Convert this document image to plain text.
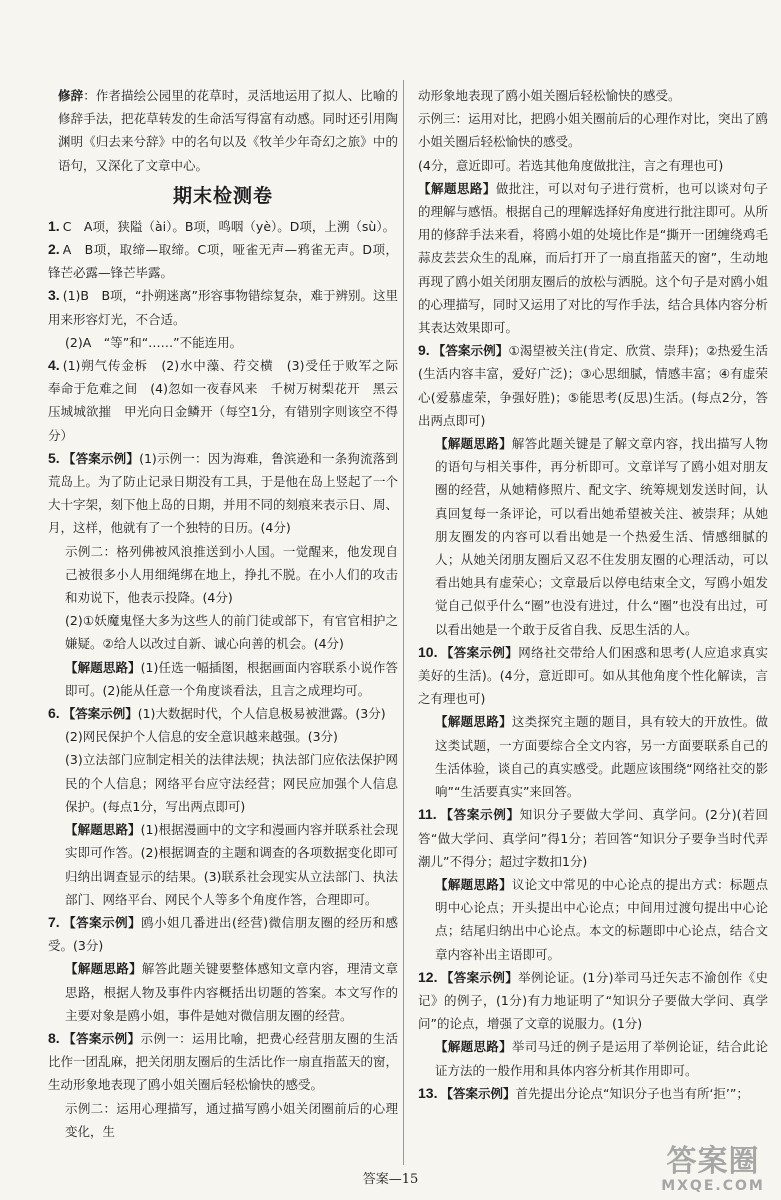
修辞：作者描绘公园里的花草时，灵活地运用了拟人、比喻的修辞手法，把花草转发的生命活写得富有动感。同时还引用陶渊明《归去来兮辞》中的名句以及《牧羊少年奇幻之旅》中的语句，又深化了文章中心。

期末检测卷

1. C　A项，狭隘（ài）。B项，鸣咽（yè）。D项，上溯（sù）。

2. A　B项，取缔—取缔。C项，哑雀无声—鸦雀无声。D项，锋芒必露—锋芒毕露。

3. (1)B　B项，“扑朔迷离”形容事物错综复杂，难于辨别。这里用来形容灯光，不合适。

(2)A　“等”和“……”不能连用。

4. (1)朔气传金柝　(2)水中藻、荇交横　(3)受任于败军之际　奉命于危难之间　(4)忽如一夜春风来　千树万树梨花开　黑云压城城欲摧　甲光向日金鳞开（每空1分，有错别字则该空不得分）

5. 【答案示例】(1)示例一：因为海难，鲁滨逊和一条狗流落到荒岛上。为了防止记录日期没有工具，于是他在岛上竖起了一个大十字架，刻下他上岛的日期，并用不同的刻痕来表示日、周、月，这样，他就有了一个独特的日历。(4分)

示例二：格列佛被风浪推送到小人国。一觉醒来，他发现自己被很多小人用细绳绑在地上，挣扎不脱。在小人们的攻击和劝说下，他表示投降。(4分)

(2)①妖魔鬼怪大多为这些人的前门徒或部下，有官官相护之嫌疑。②给人以改过自新、诚心向善的机会。(4分)

【解题思路】(1)任选一幅插图，根据画面内容联系小说作答即可。(2)能从任意一个角度谈看法，且言之成理均可。

6. 【答案示例】(1)大数据时代，个人信息极易被泄露。(3分)

(2)网民保护个人信息的安全意识越来越强。(3分)

(3)立法部门应制定相关的法律法规；执法部门应依法保护网民的个人信息；网络平台应守法经营；网民应加强个人信息保护。(每点1分，写出两点即可)

【解题思路】(1)根据漫画中的文字和漫画内容并联系社会现实即可作答。(2)根据调查的主题和调查的各项数据变化即可归纳出调查显示的结果。(3)联系社会现实从立法部门、执法部门、网络平台、网民个人等多个角度作答，合理即可。

7. 【答案示例】鸥小姐几番进出(经营)微信朋友圈的经历和感受。(3分)

【解题思路】解答此题关键要整体感知文章内容，理清文章思路，根据人物及事件内容概括出切题的答案。本文写作的主要对象是鸥小姐，事件是她对微信朋友圈的经营。

8. 【答案示例】示例一：运用比喻，把费心经营朋友圈的生活比作一团乱麻，把关闭朋友圈后的生活比作一扇直指蓝天的窗，生动形象地表现了鸥小姐关圈后轻松愉快的感受。

示例二：运用心理描写，通过描写鸥小姐关闭圈前后的心理变化，生

动形象地表现了鸥小姐关圈后轻松愉快的感受。

示例三：运用对比，把鸥小姐关圈前后的心理作对比，突出了鸥小姐关圈后轻松愉快的感受。

(4分，意近即可。若选其他角度做批注，言之有理也可)

【解题思路】做批注，可以对句子进行赏析，也可以谈对句子的理解与感悟。根据自己的理解选择好角度进行批注即可。从所用的修辞手法来看，将鸥小姐的处境比作是“撕开一团缠绕鸡毛蒜皮芸芸众生的乱麻，而后打开了一扇直指蓝天的窗”，生动地再现了鸥小姐关闭朋友圈后的放松与洒脱。这个句子是对鸥小姐的心理描写，同时又运用了对比的写作手法，结合具体内容分析其表达效果即可。

9. 【答案示例】①渴望被关注(肯定、欣赏、崇拜)；②热爱生活(生活内容丰富，爱好广泛)；③心思细腻，情感丰富；④有虚荣心(爱慕虚荣，争强好胜)；⑤能思考(反思)生活。(每点2分，答出两点即可)

【解题思路】解答此题关键是了解文章内容，找出描写人物的语句与相关事件，再分析即可。文章详写了鸥小姐对朋友圈的经营，从她精修照片、配文字、统筹规划发送时间，认真回复每一条评论，可以看出她希望被关注、被崇拜；从她朋友圈发的内容可以看出她是一个热爱生活、情感细腻的人；从她关闭朋友圈后又忍不住发朋友圈的心理活动，可以看出她具有虚荣心；文章最后以停电结束全文，写鸥小姐发觉自己似乎什么“圈”也没有进过，什么“圈”也没有出过，可以看出她是一个敢于反省自我、反思生活的人。

10. 【答案示例】网络社交带给人们困惑和思考(人应追求真实美好的生活)。(4分，意近即可。如从其他角度个性化解读，言之有理也可)

【解题思路】这类探究主题的题目，具有较大的开放性。做这类试题，一方面要综合全文内容，另一方面要联系自己的生活体验，谈自己的真实感受。此题应该围绕“网络社交的影响”“生活要真实”来回答。

11. 【答案示例】知识分子要做大学问、真学问。(2分)(若回答“做大学问、真学问”得1分；若回答“知识分子要争当时代弄潮儿”不得分；超过字数扣1分)

【解题思路】议论文中常见的中心论点的提出方式：标题点明中心论点；开头提出中心论点；中间用过渡句提出中心论点；结尾归纳出中心论点。本文的标题即中心论点，结合文章内容补出主语即可。

12. 【答案示例】举例论证。(1分)举司马迁矢志不渝创作《史记》的例子，(1分)有力地证明了“知识分子要做大学问、真学问”的论点，增强了文章的说服力。(1分)

【解题思路】举司马迁的例子是运用了举例论证，结合此论证方法的一般作用和具体内容分析其作用即可。

13. 【答案示例】首先提出分论点“知识分子也当有所‘拒’”；

答案—15
答案圈
MXQE.COM
